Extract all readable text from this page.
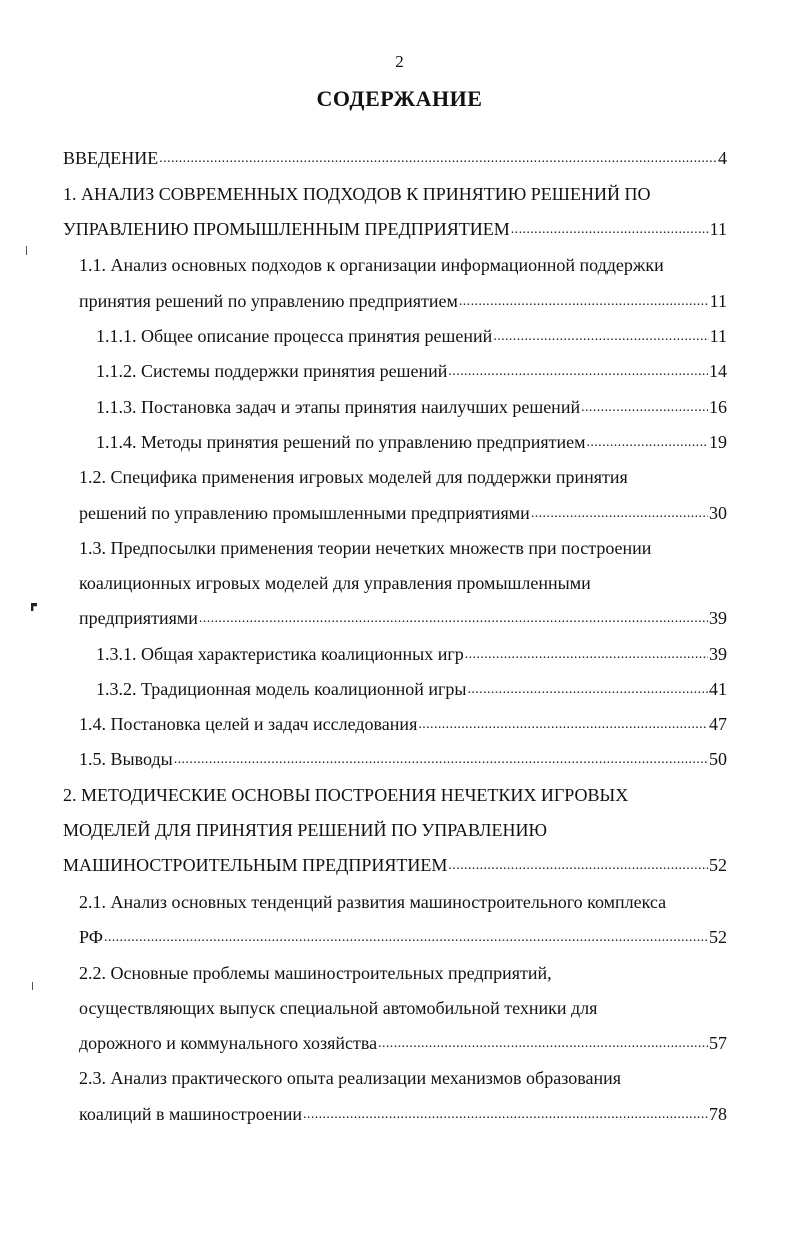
2
СОДЕРЖАНИЕ
ВВЕДЕНИЕ .....	4
1. АНАЛИЗ СОВРЕМЕННЫХ ПОДХОДОВ К ПРИНЯТИЮ РЕШЕНИЙ ПО
УПРАВЛЕНИЮ ПРОМЫШЛЕННЫМ ПРЕДПРИЯТИЕМ .....	11
1.1. Анализ основных подходов к организации информационной поддержки
принятия решений по управлению предприятием .....	11
1.1.1. Общее описание процесса принятия решений .....	11
1.1.2. Системы поддержки принятия решений .....	14
1.1.3. Постановка задач и этапы принятия наилучших решений .....	16
1.1.4. Методы принятия решений по управлению предприятием .....	19
1.2. Специфика применения игровых моделей для поддержки принятия
решений по управлению промышленными предприятиями .....	30
1.3. Предпосылки применения теории нечетких множеств при построении
коалиционных игровых моделей для управления промышленными
предприятиями .....	39
1.3.1. Общая характеристика коалиционных игр .....	39
1.3.2. Традиционная модель коалиционной игры .....	41
1.4. Постановка целей и задач исследования .....	47
1.5. Выводы .....	50
2. МЕТОДИЧЕСКИЕ ОСНОВЫ ПОСТРОЕНИЯ НЕЧЕТКИХ ИГРОВЫХ
МОДЕЛЕЙ ДЛЯ ПРИНЯТИЯ РЕШЕНИЙ ПО УПРАВЛЕНИЮ
МАШИНОСТРОИТЕЛЬНЫМ ПРЕДПРИЯТИЕМ .....	52
2.1. Анализ основных тенденций развития машиностроительного комплекса
РФ .....	52
2.2. Основные проблемы машиностроительных предприятий,
осуществляющих выпуск специальной автомобильной техники для
дорожного и коммунального хозяйства .....	57
2.3. Анализ практического опыта реализации механизмов образования
коалиций в машиностроении .....	78
